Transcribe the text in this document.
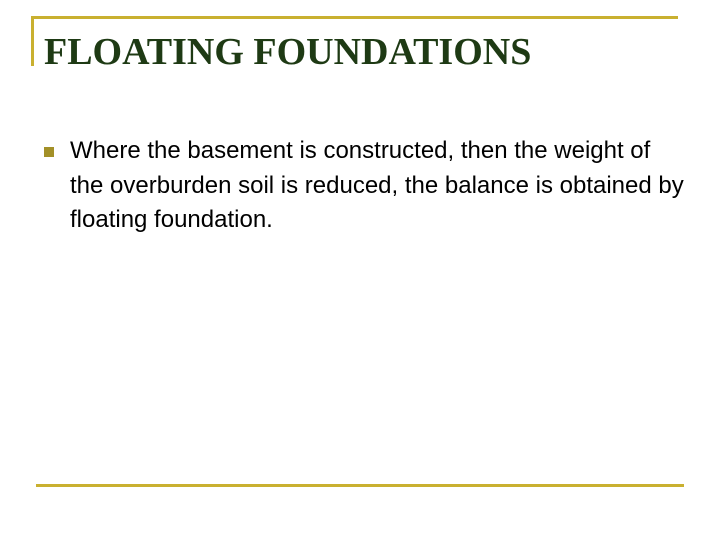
FLOATING FOUNDATIONS
Where the basement is constructed, then the weight of the overburden soil is reduced, the balance is obtained by floating foundation.
